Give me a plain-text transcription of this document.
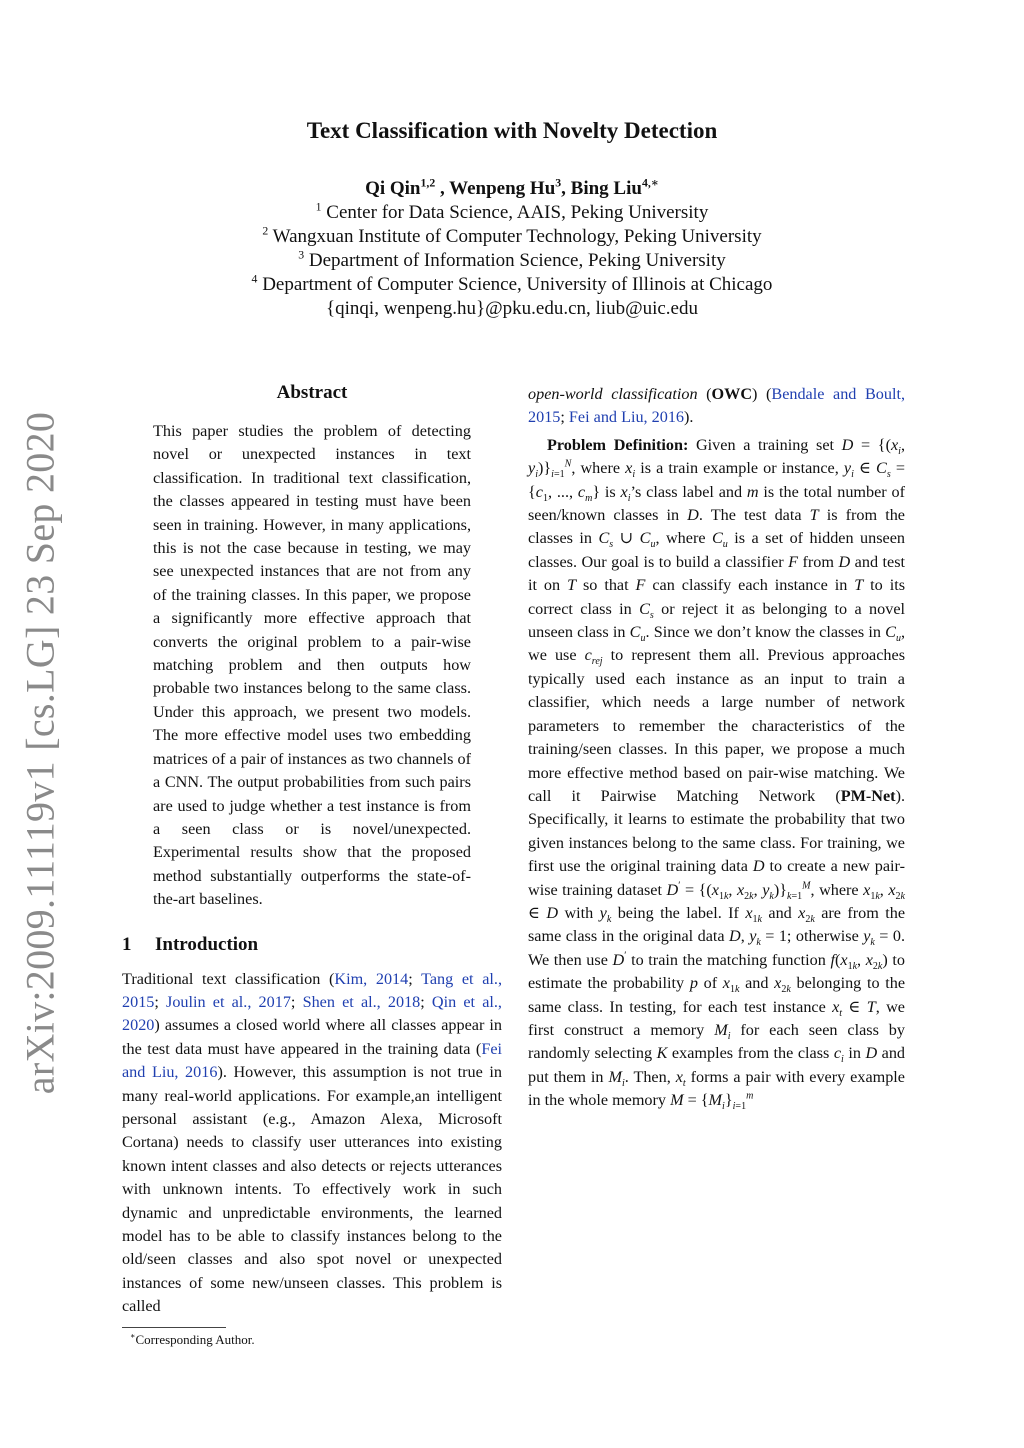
arXiv:2009.11119v1 [cs.LG] 23 Sep 2020
Text Classification with Novelty Detection
Qi Qin$^{1,2}$ , Wenpeng Hu$^3$, Bing Liu$^{4,∗}$
$^1$ Center for Data Science, AAIS, Peking University
$^2$ Wangxuan Institute of Computer Technology, Peking University
$^3$ Department of Information Science, Peking University
$^4$ Department of Computer Science, University of Illinois at Chicago
{qinqi, wenpeng.hu}@pku.edu.cn, liub@uic.edu
Abstract

This paper studies the problem of detecting novel or unexpected instances in text classification. In traditional text classification, the classes appeared in testing must have been seen in training. However, in many applications, this is not the case because in testing, we may see unexpected instances that are not from any of the training classes. In this paper, we propose a significantly more effective approach that converts the original problem to a pair-wise matching problem and then outputs how probable two instances belong to the same class. Under this approach, we present two models. The more effective model uses two embedding matrices of a pair of instances as two channels of a CNN. The output probabilities from such pairs are used to judge whether a test instance is from a seen class or is novel/unexpected. Experimental results show that the proposed method substantially outperforms the state-of-the-art baselines.

1 Introduction

Traditional text classification (Kim, 2014; Tang et al., 2015; Joulin et al., 2017; Shen et al., 2018; Qin et al., 2020) assumes a closed world where all classes appear in the test data must have appeared in the training data (Fei and Liu, 2016). However, this assumption is not true in many real-world applications. For example,an intelligent personal assistant (e.g., Amazon Alexa, Microsoft Cortana) needs to classify user utterances into existing known intent classes and also detects or rejects utterances with unknown intents. To effectively work in such dynamic and unpredictable environments, the learned model has to be able to classify instances belong to the old/seen classes and also spot novel or unexpected instances of some new/unseen classes. This problem is called

∗Corresponding Author.

open-world classification (OWC) (Bendale and Boult, 2015; Fei and Liu, 2016).

Problem Definition: Given a training set $D = \{(x_i$, $y_i)\}_{i=1}^N$, where $x_i$ is a train example or instance, $y_i$ ∈ $C_s = \{c_1$, ..., $c_m$} is $x_i’s$ class label and m is the total number of seen/known classes in D. The test data T is from the classes in $C_s$ ∪ $C_u$, where $C_u$ is a set of hidden unseen classes. Our goal is to build a classifier F from D and test it on T so that F can classify each instance in T to its correct class in $C_s$ or reject it as belonging to a novel unseen class in $C_u$. Since we don’t know the classes in $C_u$, we use $c_{rej}$ to represent them all. Previous approaches typically used each instance as an input to train a classifier, which needs a large number of network parameters to remember the characteristics of the training/seen classes. In this paper, we propose a much more effective method based on pair-wise matching. We call it Pairwise Matching Network (PM-Net). Specifically, it learns to estimate the probability that two given instances belong to the same class. For training, we first use the original training data D to create a new pair-wise training dataset $D' = \{(x_{1k}$, $x_{2k}$, $y_k)\}_{k=1}^M$, where $x_{1k}$, $x_{2k}$ ∈ D with $y_k$ being the label. If $x_{1k}$ and $x_{2k}$ are from the same class in the original data D, $y_k = 1$; otherwise $y_k = 0$. We then use D′ to train the matching function $f(x_{1k}$, $x_{2k}$) to estimate the probability p of $x_{1k}$ and $x_{2k}$ belonging to the same class. In testing, for each test instance $x_t$ ∈ T, we first construct a memory $M_i$ for each seen class by randomly selecting K examples from the class $c_i$ in D and put them in $M_i$. Then, $x_t$ forms a pair with every example in the whole memory $M = \{M_i\}_{i=1}^m$
